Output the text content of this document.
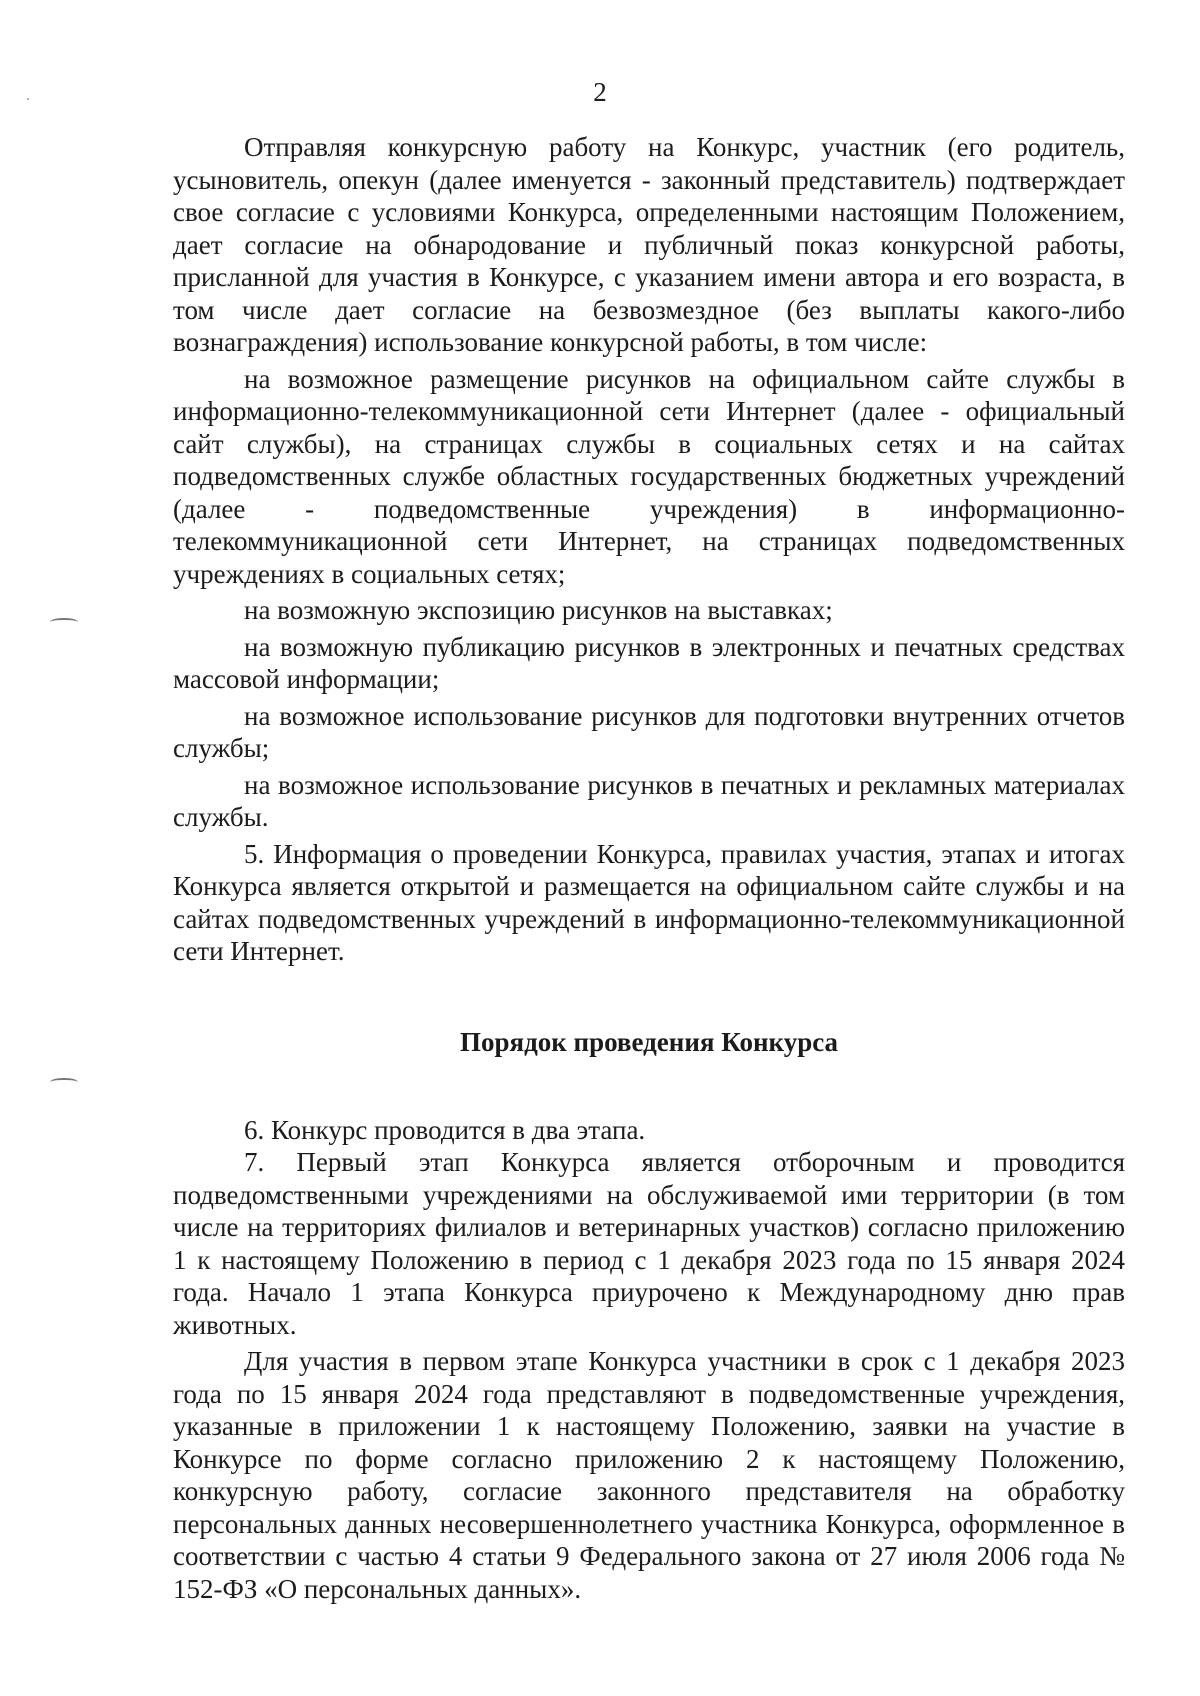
2

Отправляя конкурсную работу на Конкурс, участник (его родитель, усыновитель, опекун (далее именуется - законный представитель) подтверждает свое согласие с условиями Конкурса, определенными настоящим Положением, дает согласие на обнародование и публичный показ конкурсной работы, присланной для участия в Конкурсе, с указанием имени автора и его возраста, в том числе дает согласие на безвозмездное (без выплаты какого-либо вознаграждения) использование конкурсной работы, в том числе:

на возможное размещение рисунков на официальном сайте службы в информационно-телекоммуникационной сети Интернет (далее - официальный сайт службы), на страницах службы в социальных сетях и на сайтах подведомственных службе областных государственных бюджетных учреждений (далее - подведомственные учреждения) в информационно-телекоммуникационной сети Интернет, на страницах подведомственных учреждениях в социальных сетях;

на возможную экспозицию рисунков на выставках;

на возможную публикацию рисунков в электронных и печатных средствах массовой информации;

на возможное использование рисунков для подготовки внутренних отчетов службы;

на возможное использование рисунков в печатных и рекламных материалах службы.

5. Информация о проведении Конкурса, правилах участия, этапах и итогах Конкурса является открытой и размещается на официальном сайте службы и на сайтах подведомственных учреждений в информационно-телекоммуникационной сети Интернет.

Порядок проведения Конкурса

6. Конкурс проводится в два этапа.

7. Первый этап Конкурса является отборочным и проводится подведомственными учреждениями на обслуживаемой ими территории (в том числе на территориях филиалов и ветеринарных участков) согласно приложению 1 к настоящему Положению в период с 1 декабря 2023 года по 15 января 2024 года. Начало 1 этапа Конкурса приурочено к Международному дню прав животных.

Для участия в первом этапе Конкурса участники в срок с 1 декабря 2023 года по 15 января 2024 года представляют в подведомственные учреждения, указанные в приложении 1 к настоящему Положению, заявки на участие в Конкурсе по форме согласно приложению 2 к настоящему Положению, конкурсную работу, согласие законного представителя на обработку персональных данных несовершеннолетнего участника Конкурса, оформленное в соответствии с частью 4 статьи 9 Федерального закона от 27 июля 2006 года № 152-ФЗ «О персональных данных».
